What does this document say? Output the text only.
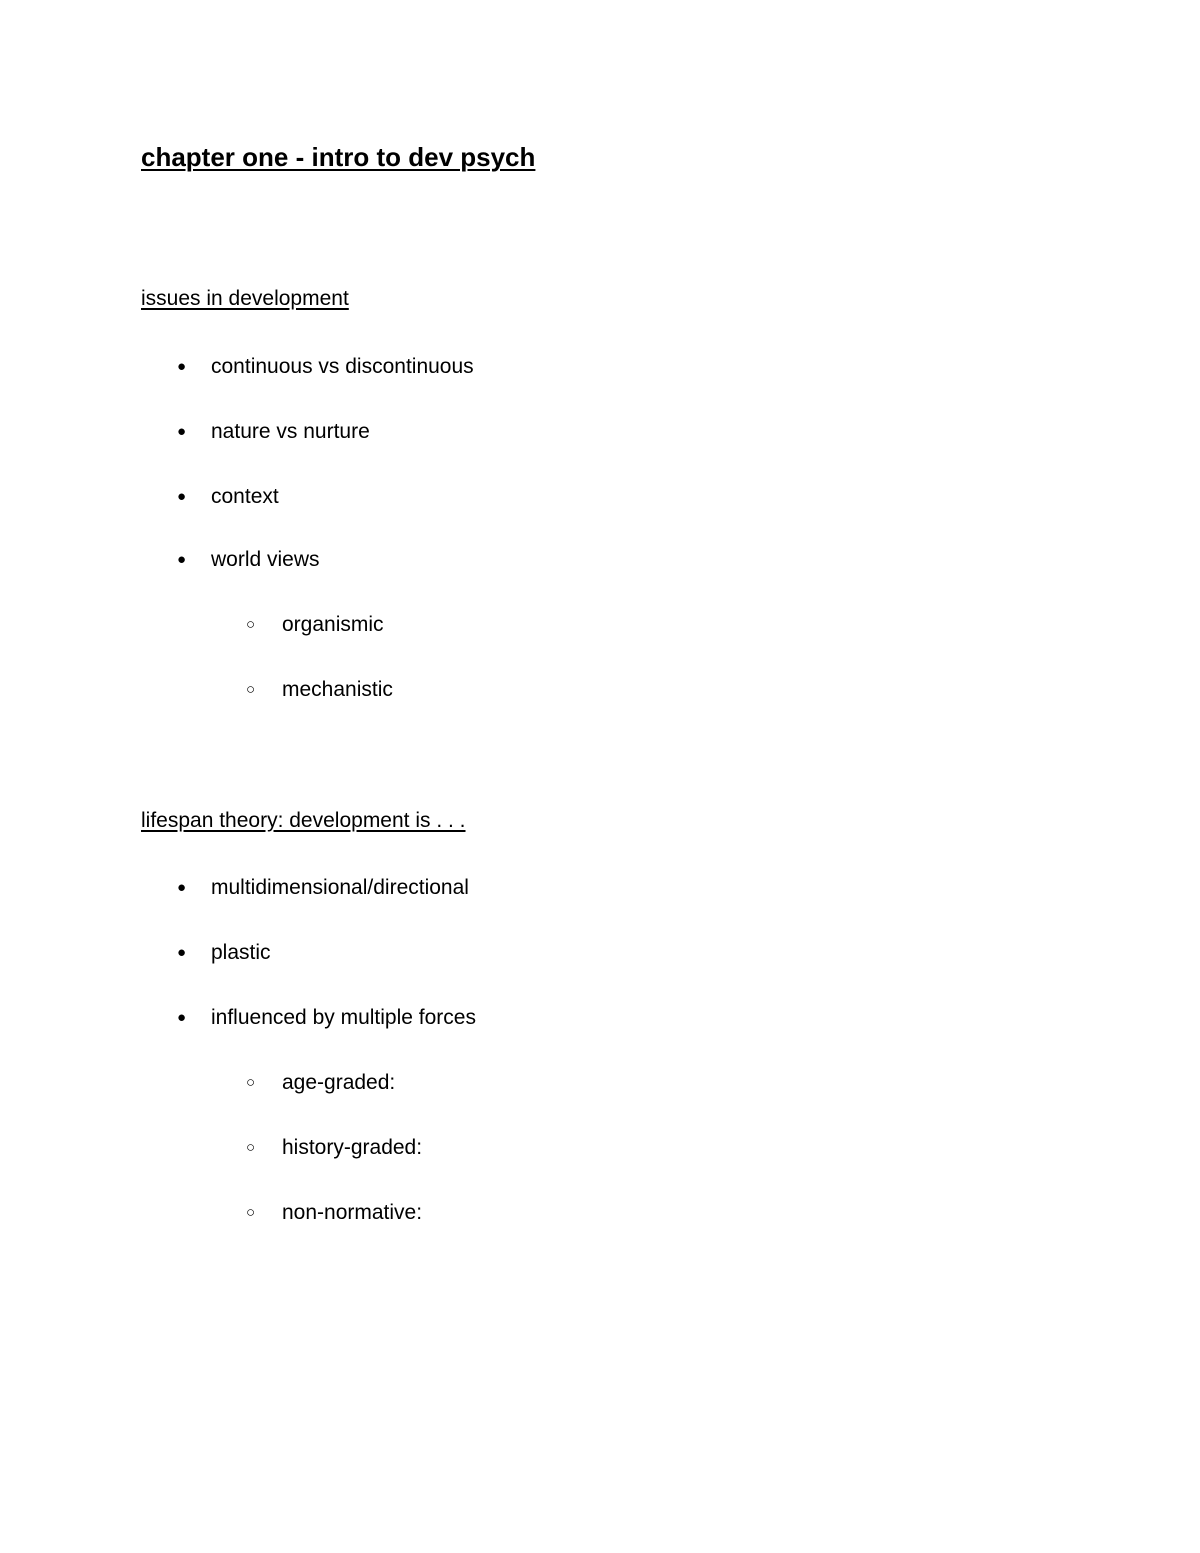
chapter one - intro to dev psych
issues in development
● continuous vs discontinuous
● nature vs nurture
● context
● world views
○ organismic
○ mechanistic
lifespan theory: development is . . .
● multidimensional/directional
● plastic
● influenced by multiple forces
○ age-graded:
○ history-graded:
○ non-normative:
